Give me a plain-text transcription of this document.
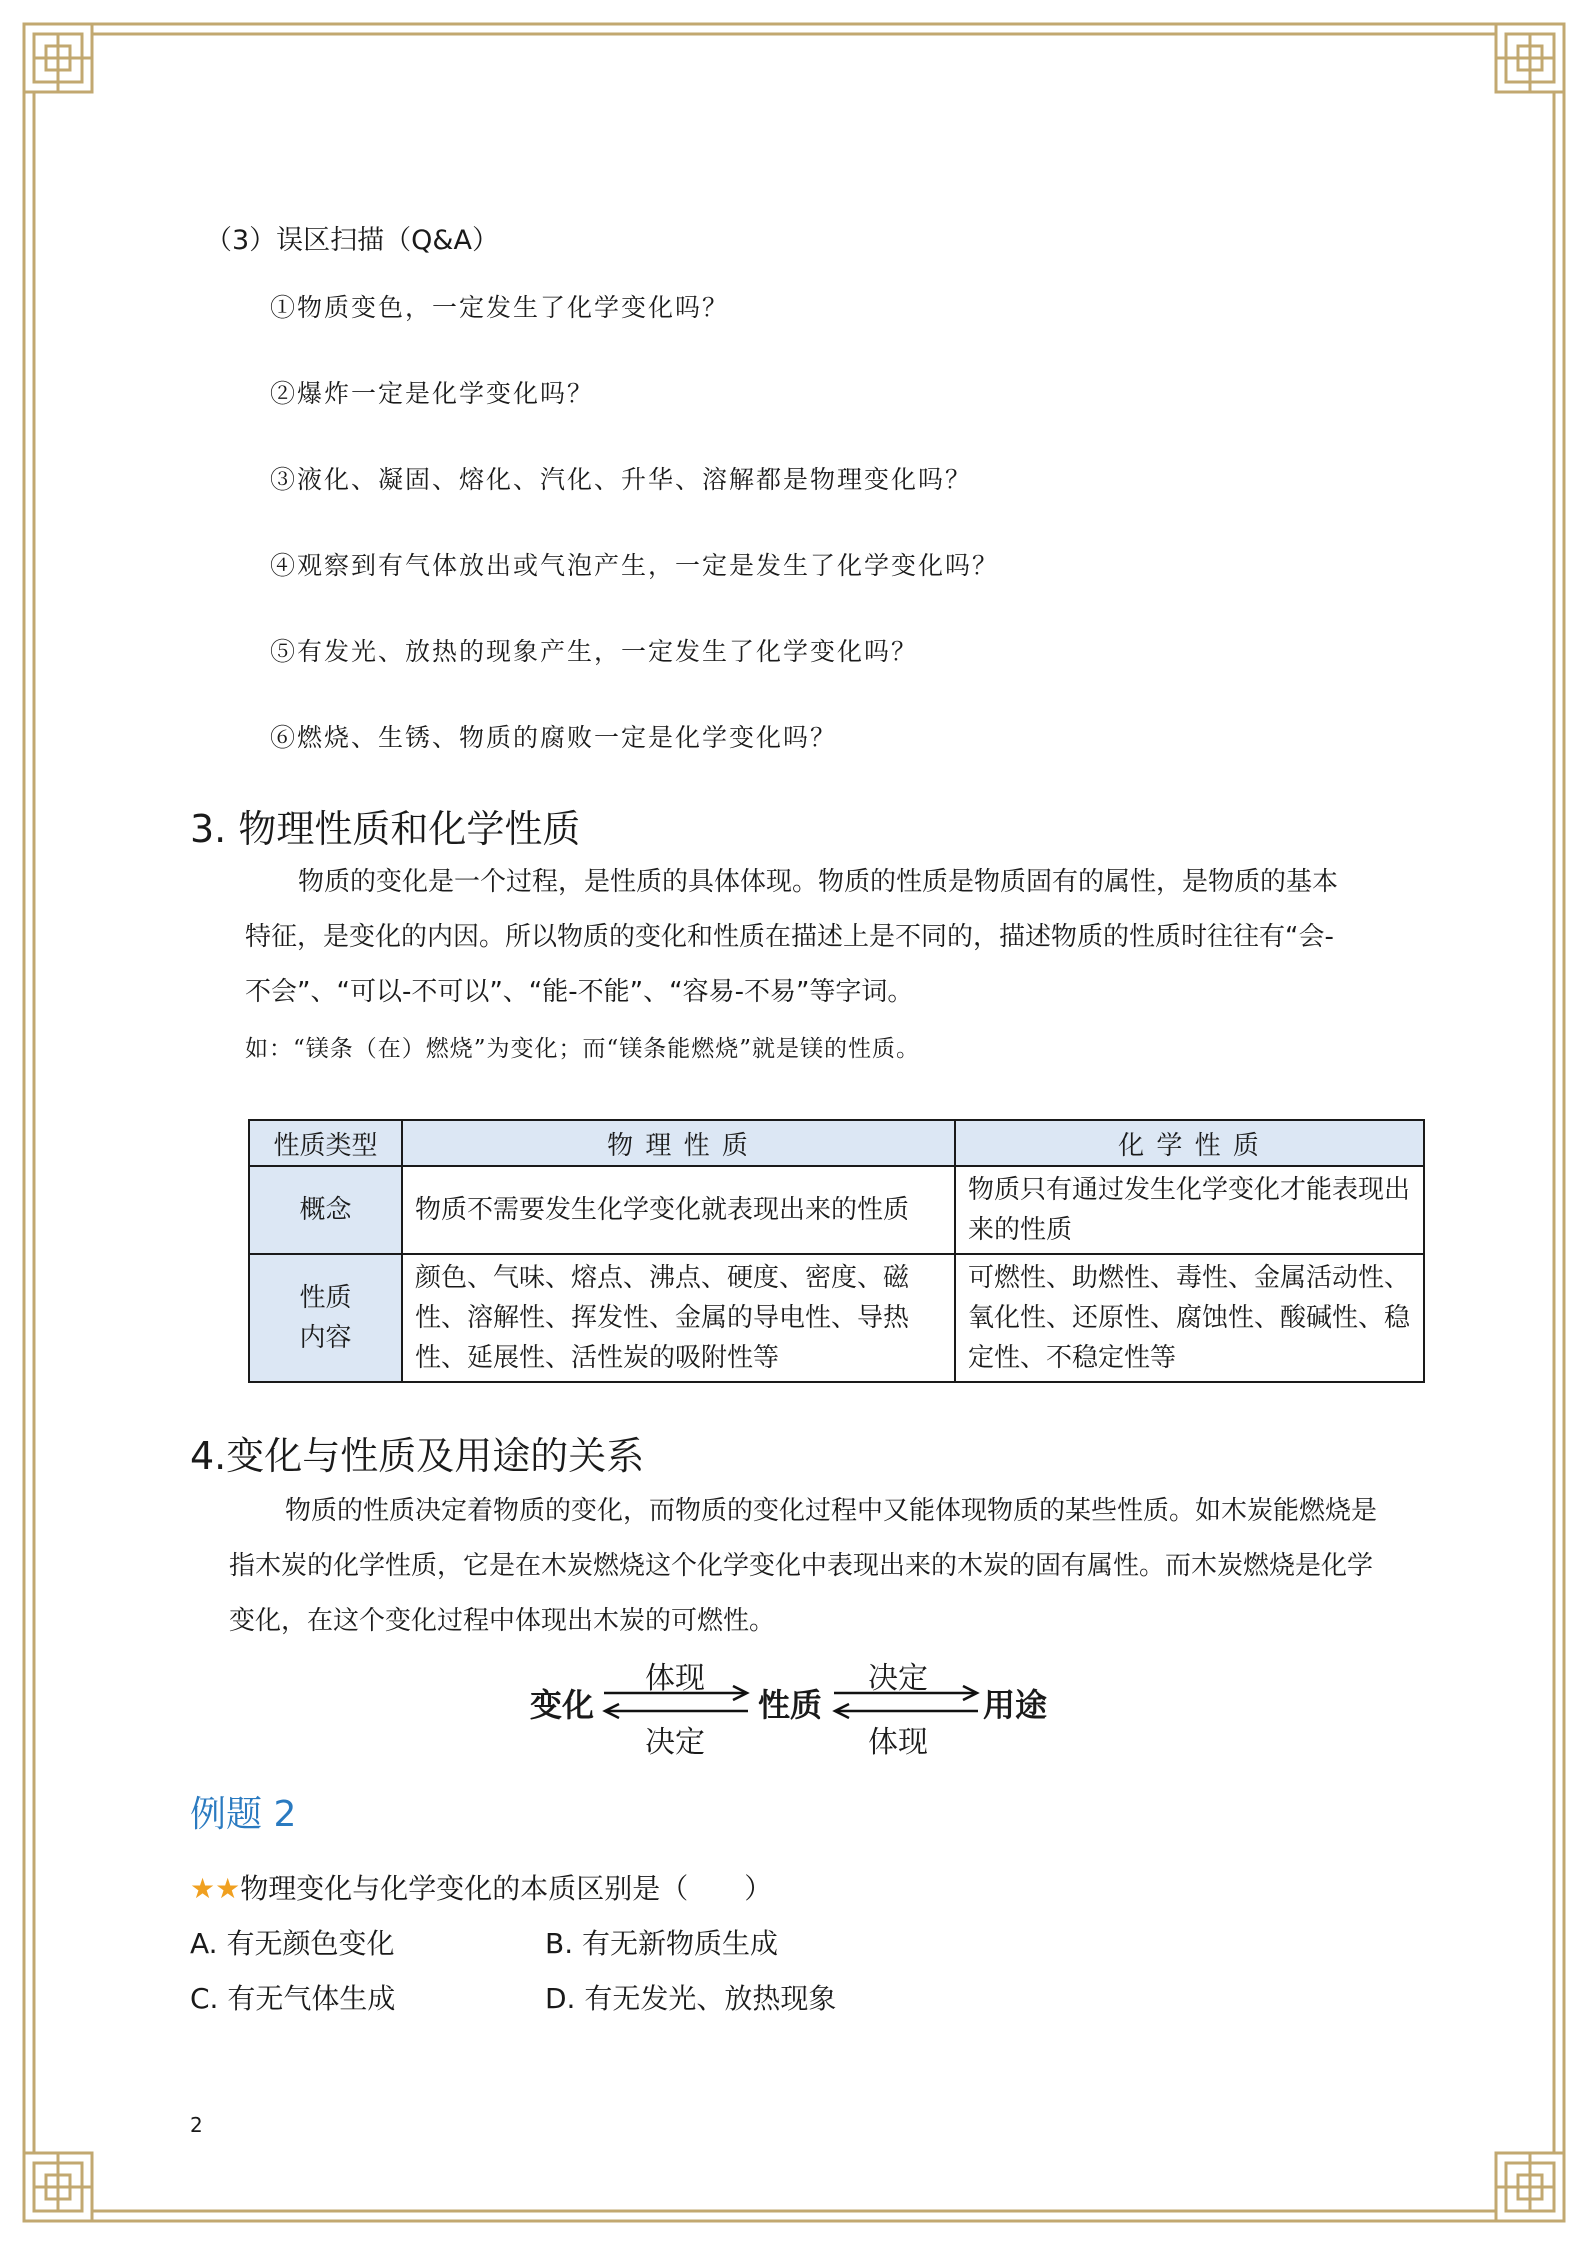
（3）误区扫描（Q&A）
①物质变色，一定发生了化学变化吗？
②爆炸一定是化学变化吗？
③液化、凝固、熔化、汽化、升华、溶解都是物理变化吗？
④观察到有气体放出或气泡产生，一定是发生了化学变化吗？
⑤有发光、放热的现象产生，一定发生了化学变化吗？
⑥燃烧、生锈、物质的腐败一定是化学变化吗？
3. 物理性质和化学性质
物质的变化是一个过程，是性质的具体体现。物质的性质是物质固有的属性，是物质的基本
特征，是变化的内因。所以物质的变化和性质在描述上是不同的，描述物质的性质时往往有“会-
不会”、“可以-不可以”、“能-不能”、“容易-不易”等字词。
如：“镁条（在）燃烧”为变化；而“镁条能燃烧”就是镁的性质。
性质类型	物 理 性 质	化 学 性 质
概念	物质不需要发生化学变化就表现出来的性质	物质只有通过发生化学变化才能表现出来的性质
性质内容	颜色、气味、熔点、沸点、硬度、密度、磁性、溶解性、挥发性、金属的导电性、导热性、延展性、活性炭的吸附性等	可燃性、助燃性、毒性、金属活动性、氧化性、还原性、腐蚀性、酸碱性、稳定性、不稳定性等
4.变化与性质及用途的关系
物质的性质决定着物质的变化，而物质的变化过程中又能体现物质的某些性质。如木炭能燃烧是
指木炭的化学性质，它是在木炭燃烧这个化学变化中表现出来的木炭的固有属性。而木炭燃烧是化学
变化，在这个变化过程中体现出木炭的可燃性。
变化
体现
决定
性质
决定
体现
用途
例题 2
★★物理变化与化学变化的本质区别是（　　）
A. 有无颜色变化	B. 有无新物质生成
C. 有无气体生成	D. 有无发光、放热现象
2
